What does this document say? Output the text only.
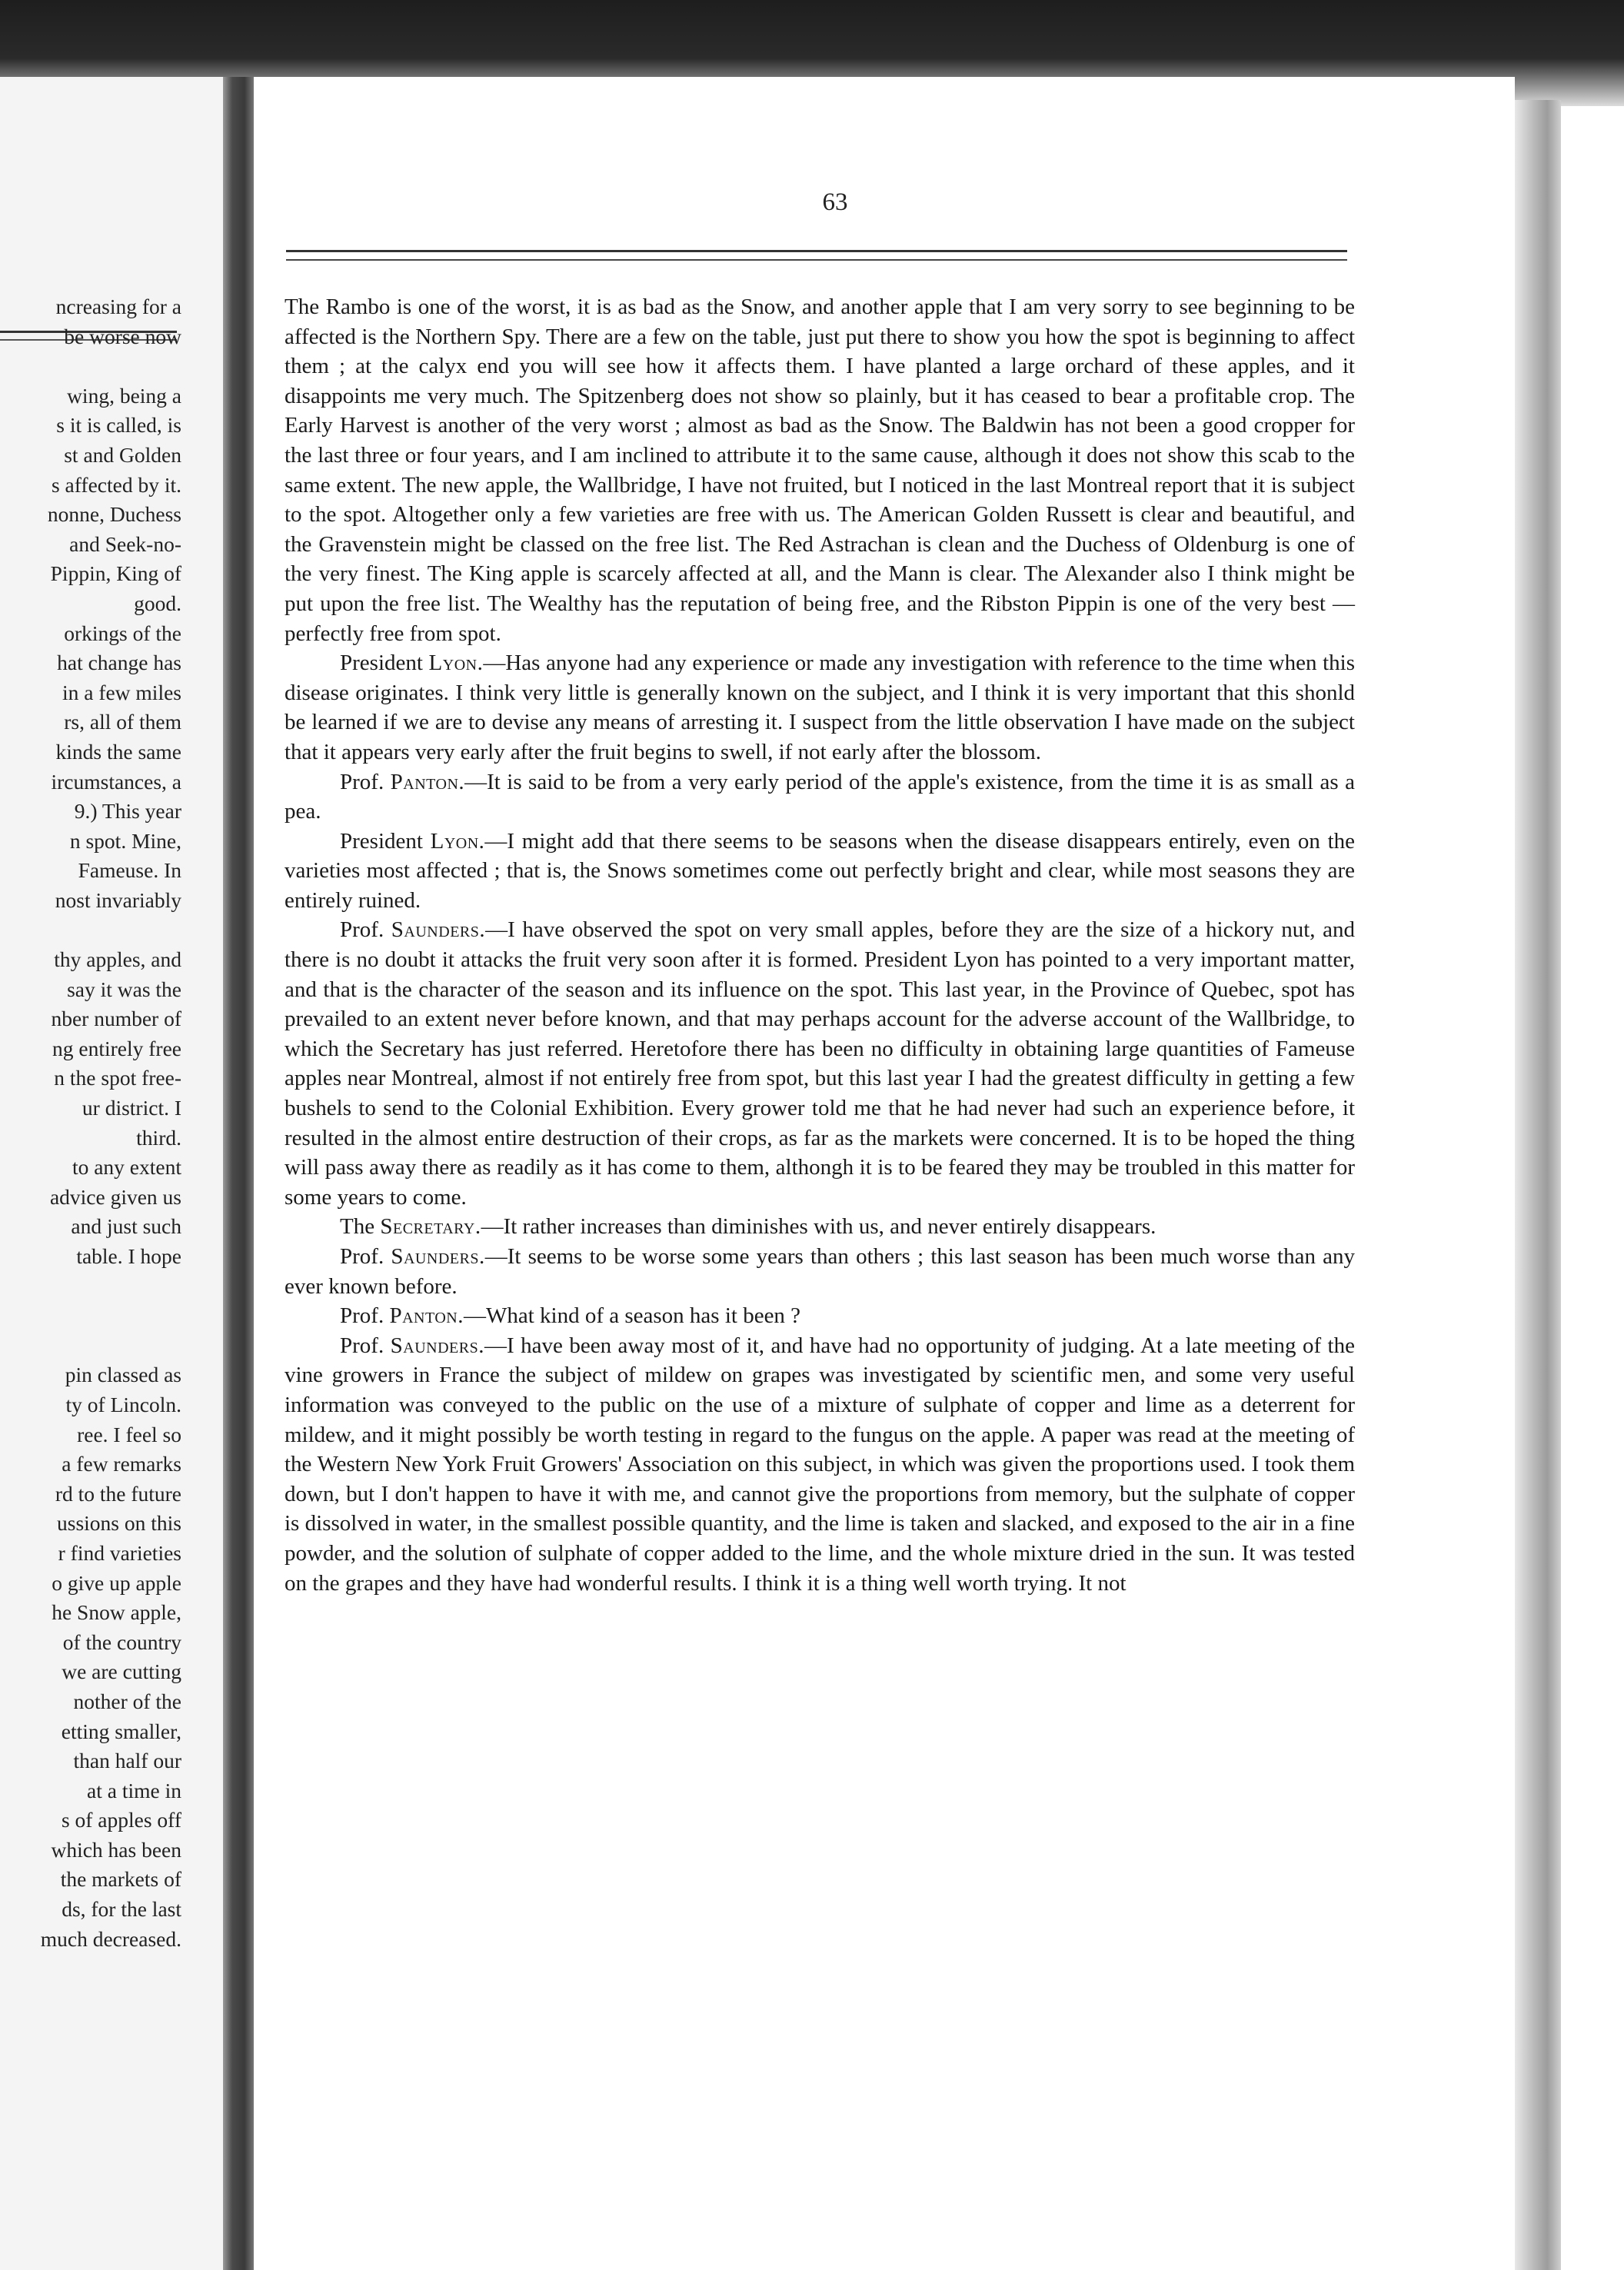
ncreasing for a
be worse now
wing, being a
s it is called, is
st and Golden
s affected by it.
nonne, Duchess
and Seek-no-
Pippin, King of
good.
orkings of the
hat change has
in a few miles
rs, all of them
kinds the same
ircumstances, a
9.) This year
n spot. Mine,
Fameuse. In
nost invariably
thy apples, and
say it was the
nber number of
ng entirely free
n the spot free-
ur district. I
third.
to any extent
advice given us
and just such
table. I hope
pin classed as
ty of Lincoln.
ree. I feel so
a few remarks
rd to the future
ussions on this
r find varieties
o give up apple
he Snow apple,
of the country
we are cutting
nother of the
etting smaller,
than half our
at a time in
s of apples off
which has been
the markets of
ds, for the last
much decreased.
63

The Rambo is one of the worst, it is as bad as the Snow, and another apple that I am very sorry to see beginning to be affected is the Northern Spy. There are a few on the table, just put there to show you how the spot is beginning to affect them ; at the calyx end you will see how it affects them. I have planted a large orchard of these apples, and it disappoints me very much. The Spitzenberg does not show so plainly, but it has ceased to bear a profitable crop. The Early Harvest is another of the very worst ; almost as bad as the Snow. The Baldwin has not been a good cropper for the last three or four years, and I am inclined to attribute it to the same cause, although it does not show this scab to the same extent. The new apple, the Wallbridge, I have not fruited, but I noticed in the last Montreal report that it is subject to the spot. Altogether only a few varieties are free with us. The American Golden Russett is clear and beautiful, and the Gravenstein might be classed on the free list. The Red Astrachan is clean and the Duchess of Oldenburg is one of the very finest. The King apple is scarcely affected at all, and the Mann is clear. The Alexander also I think might be put upon the free list. The Wealthy has the reputation of being free, and the Ribston Pippin is one of the very best —perfectly free from spot.

President Lyon.—Has anyone had any experience or made any investigation with reference to the time when this disease originates. I think very little is generally known on the subject, and I think it is very important that this shonld be learned if we are to devise any means of arresting it. I suspect from the little observation I have made on the subject that it appears very early after the fruit begins to swell, if not early after the blossom.

Prof. Panton.—It is said to be from a very early period of the apple's existence, from the time it is as small as a pea.

President Lyon.—I might add that there seems to be seasons when the disease disappears entirely, even on the varieties most affected ; that is, the Snows sometimes come out perfectly bright and clear, while most seasons they are entirely ruined.

Prof. Saunders.—I have observed the spot on very small apples, before they are the size of a hickory nut, and there is no doubt it attacks the fruit very soon after it is formed. President Lyon has pointed to a very important matter, and that is the character of the season and its influence on the spot. This last year, in the Province of Quebec, spot has prevailed to an extent never before known, and that may perhaps account for the adverse account of the Wallbridge, to which the Secretary has just referred. Heretofore there has been no difficulty in obtaining large quantities of Fameuse apples near Montreal, almost if not entirely free from spot, but this last year I had the greatest difficulty in getting a few bushels to send to the Colonial Exhibition. Every grower told me that he had never had such an experience before, it resulted in the almost entire destruction of their crops, as far as the markets were concerned. It is to be hoped the thing will pass away there as readily as it has come to them, althongh it is to be feared they may be troubled in this matter for some years to come.

The Secretary.—It rather increases than diminishes with us, and never entirely disappears.

Prof. Saunders.—It seems to be worse some years than others ; this last season has been much worse than any ever known before.

Prof. Panton.—What kind of a season has it been ?

Prof. Saunders.—I have been away most of it, and have had no opportunity of judging. At a late meeting of the vine growers in France the subject of mildew on grapes was investigated by scientific men, and some very useful information was conveyed to the public on the use of a mixture of sulphate of copper and lime as a deterrent for mildew, and it might possibly be worth testing in regard to the fungus on the apple. A paper was read at the meeting of the Western New York Fruit Growers' Association on this subject, in which was given the proportions used. I took them down, but I don't happen to have it with me, and cannot give the proportions from memory, but the sulphate of copper is dissolved in water, in the smallest possible quantity, and the lime is taken and slacked, and exposed to the air in a fine powder, and the solution of sulphate of copper added to the lime, and the whole mixture dried in the sun. It was tested on the grapes and they have had wonderful results. I think it is a thing well worth trying. It not
